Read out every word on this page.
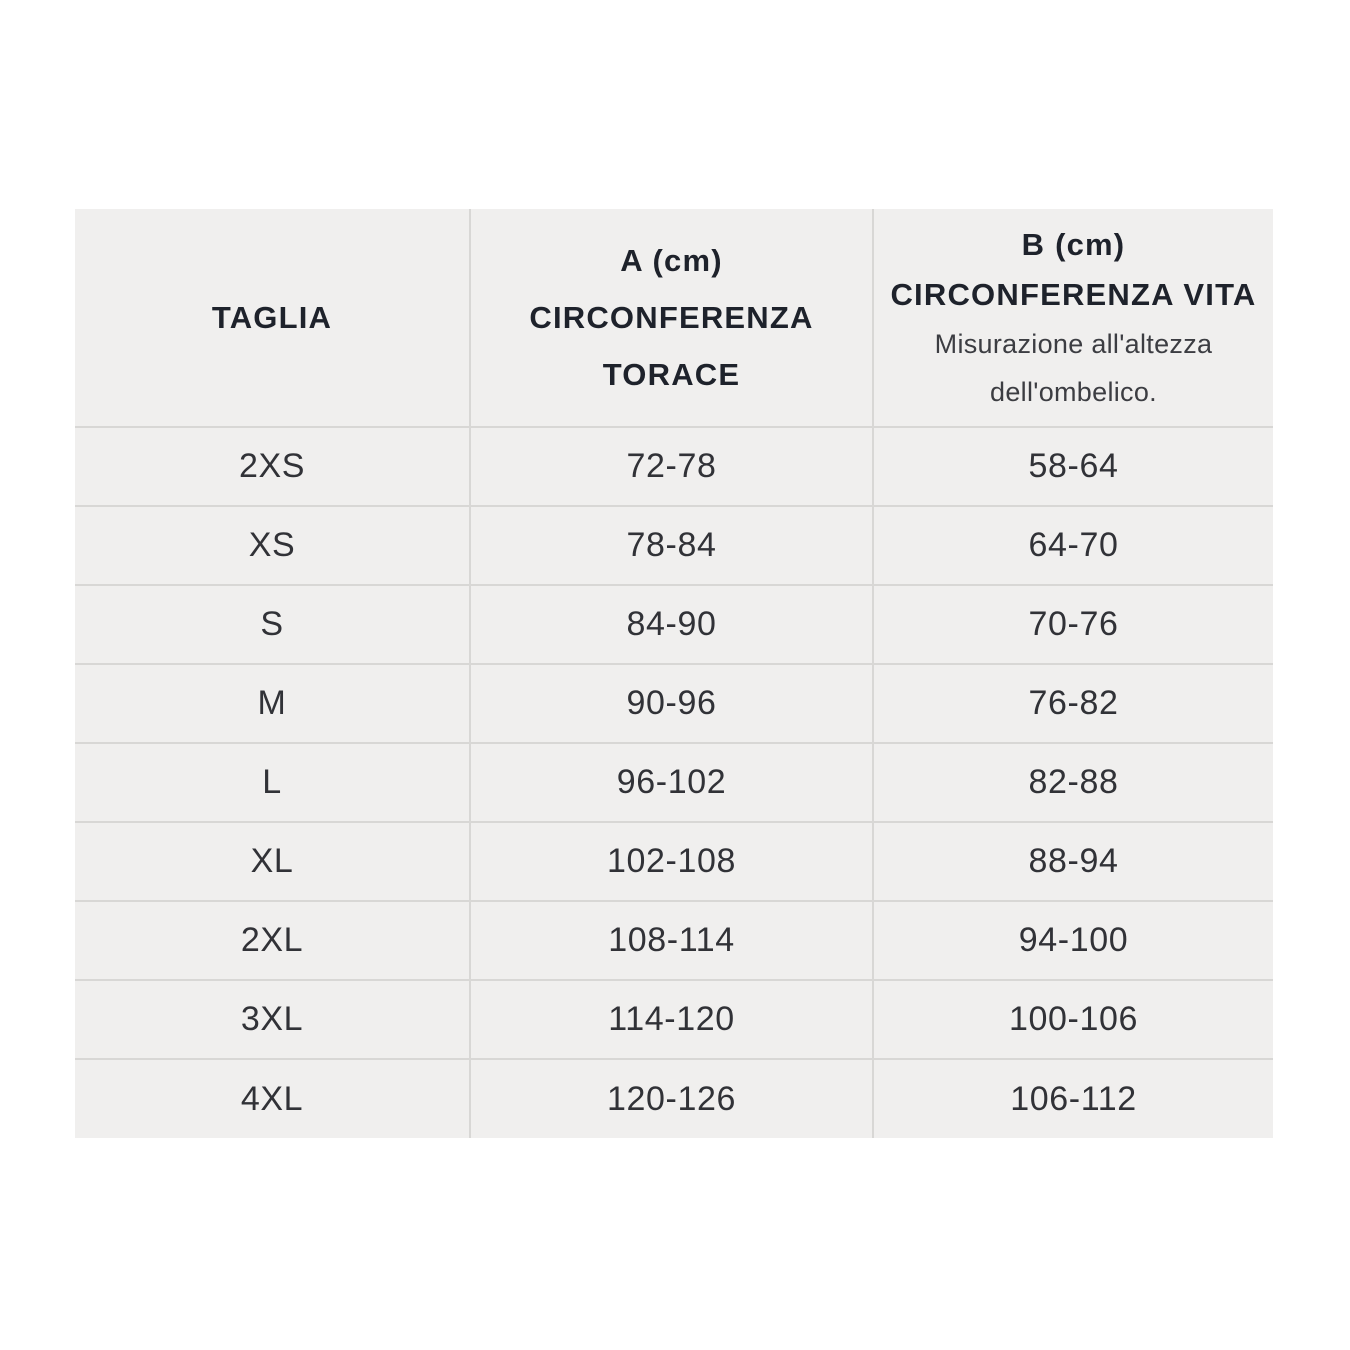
TAGLIA	A (cm)
CIRCONFERENZA
TORACE	B (cm)
CIRCONFERENZA VITA
Misurazione all'altezza
dell'ombelico.

2XS	72-78	58-64
XS	78-84	64-70
S	84-90	70-76
M	90-96	76-82
L	96-102	82-88
XL	102-108	88-94
2XL	108-114	94-100
3XL	114-120	100-106
4XL	120-126	106-112
